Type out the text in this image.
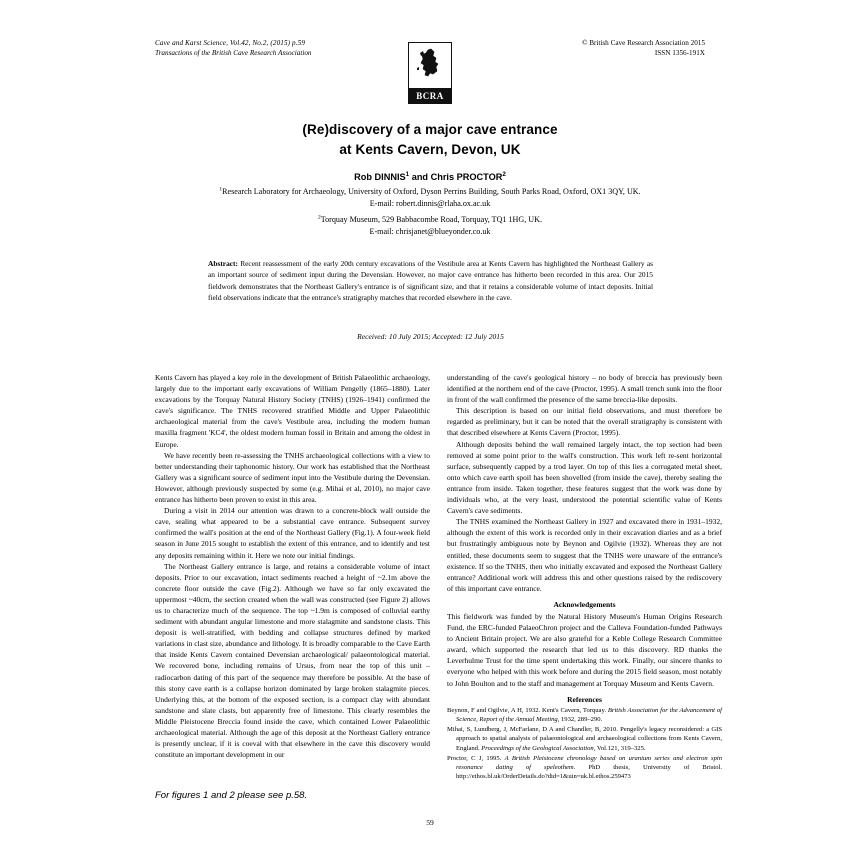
Cave and Karst Science, Vol.42, No.2, (2015) p.59
Transactions of the British Cave Research Association
© British Cave Research Association 2015
ISSN 1356-191X
BCRA
(Re)discovery of a major cave entrance
at Kents Cavern, Devon, UK
Rob DINNIS$^1$ and Chris PROCTOR$^2$
$^1$Research Laboratory for Archaeology, University of Oxford, Dyson Perrins Building, South Parks Road, Oxford, OX1 3QY, UK.
E-mail: robert.dinnis@rlaha.ox.ac.uk
$^2$Torquay Museum, 529 Babbacombe Road, Torquay, TQ1 1HG, UK.
E-mail: chrisjanet@blueyonder.co.uk
Abstract: Recent reassessment of the early 20th century excavations of the Vestibule area at Kents Cavern has highlighted the Northeast Gallery as an important source of sediment input during the Devensian. However, no major cave entrance has hitherto been recorded in this area. Our 2015 fieldwork demonstrates that the Northeast Gallery's entrance is of significant size, and that it retains a considerable volume of intact deposits. Initial field observations indicate that the entrance's stratigraphy matches that recorded elsewhere in the cave.
Received: 10 July 2015; Accepted: 12 July 2015

Kents Cavern has played a key role in the development of British Palaeolithic archaeology, largely due to the important early excavations of William Pengelly (1865–1880). Later excavations by the Torquay Natural History Society (TNHS) (1926–1941) confirmed the cave's significance. The TNHS recovered stratified Middle and Upper Palaeolithic archaeological material from the cave's Vestibule area, including the modern human maxilla fragment 'KC4', the oldest modern human fossil in Britain and among the oldest in Europe.

We have recently been re-assessing the TNHS archaeological collections with a view to better understanding their taphonomic history. Our work has established that the Northeast Gallery was a significant source of sediment input into the Vestibule during the Devensian. However, although previously suspected by some (e.g. Mihai et al, 2010), no major cave entrance has hitherto been proven to exist in this area.

During a visit in 2014 our attention was drawn to a concrete-block wall outside the cave, sealing what appeared to be a substantial cave entrance. Subsequent survey confirmed the wall's position at the end of the Northeast Gallery (Fig.1). A four-week field season in June 2015 sought to establish the extent of this entrance, and to identify and test any deposits remaining within it. Here we note our initial findings.

The Northeast Gallery entrance is large, and retains a considerable volume of intact deposits. Prior to our excavation, intact sediments reached a height of ~2.1m above the concrete floor outside the cave (Fig.2). Although we have so far only excavated the uppermost ~40cm, the section created when the wall was constructed (see Figure 2) allows us to characterize much of the sequence. The top ~1.9m is composed of colluvial earthy sediment with abundant angular limestone and more stalagmite and sandstone clasts. This deposit is well-stratified, with bedding and collapse structures defined by marked variations in clast size, abundance and lithology. It is broadly comparable to the Cave Earth that inside Kents Cavern contained Devensian archaeological/ palaeontological material. We recovered bone, including remains of Ursus, from near the top of this unit – radiocarbon dating of this part of the sequence may therefore be possible. At the base of this stony cave earth is a collapse horizon dominated by large broken stalagmite pieces. Underlying this, at the bottom of the exposed section, is a compact clay with abundant sandstone and slate clasts, but apparently free of limestone. This clearly resembles the Middle Pleistocene Breccia found inside the cave, which contained Lower Palaeolithic archaeological material. Although the age of this deposit at the Northeast Gallery entrance is presently unclear, if it is coeval with that elsewhere in the cave this discovery would constitute an important development in our

understanding of the cave's geological history – no body of breccia has previously been identified at the northern end of the cave (Proctor, 1995). A small trench sunk into the floor in front of the wall confirmed the presence of the same breccia-like deposits.

This description is based on our initial field observations, and must therefore be regarded as preliminary, but it can be noted that the overall stratigraphy is consistent with that described elsewhere at Kents Cavern (Proctor, 1995).

Although deposits behind the wall remained largely intact, the top section had been removed at some point prior to the wall's construction. This work left re-sent horizontal surface, subsequently capped by a trod layer. On top of this lies a corrugated metal sheet, onto which cave earth spoil has been shovelled (from inside the cave), thereby sealing the entrance from inside. Taken together, these features suggest that the work was done by individuals who, at the very least, understood the potential scientific value of Kents Cavern's cave sediments.

The TNHS examined the Northeast Gallery in 1927 and excavated there in 1931–1932, although the extent of this work is recorded only in their excavation diaries and as a brief but frustratingly ambiguous note by Beynon and Ogilvie (1932). Whereas they are not entitled, these documents seem to suggest that the TNHS were unaware of the entrance's existence. If so the TNHS, then who initially excavated and exposed the Northeast Gallery entrance? Additional work will address this and other questions raised by the rediscovery of this important cave entrance.

Acknowledgements

This fieldwork was funded by the Natural History Museum's Human Origins Research Fund, the ERC-funded PalaeoChron project and the Calleva Foundation-funded Pathways to Ancient Britain project. We are also grateful for a Keble College Research Committee award, which supported the research that led us to this discovery. RD thanks the Leverhulme Trust for the time spent undertaking this work. Finally, our sincere thanks to everyone who helped with this work before and during the 2015 field season, most notably to John Boulton and to the staff and management at Torquay Museum and Kents Cavern.

References
Beynon, F and Ogilvie, A H, 1932. Kent's Cavern, Torquay. British Association for the Advancement of Science, Report of the Annual Meeting, 1932, 289–290.
Mihai, S, Lundberg, J, McFarlane, D A and Chandler, B, 2010. Pengelly's legacy reconsidered: a GIS approach to spatial analysis of palaeontological and archaeological collections from Kents Cavern, England. Proceedings of the Geological Association, Vol.121, 319–325.
Proctor, C J, 1995. A British Pleistocene chronology based on uranium series and electron spin resonance dating of speleothem. PhD thesis, University of Bristol. http://ethos.bl.uk/OrderDetails.do?did=1&uin=uk.bl.ethos.259473
For figures 1 and 2 please see p.58.
59
